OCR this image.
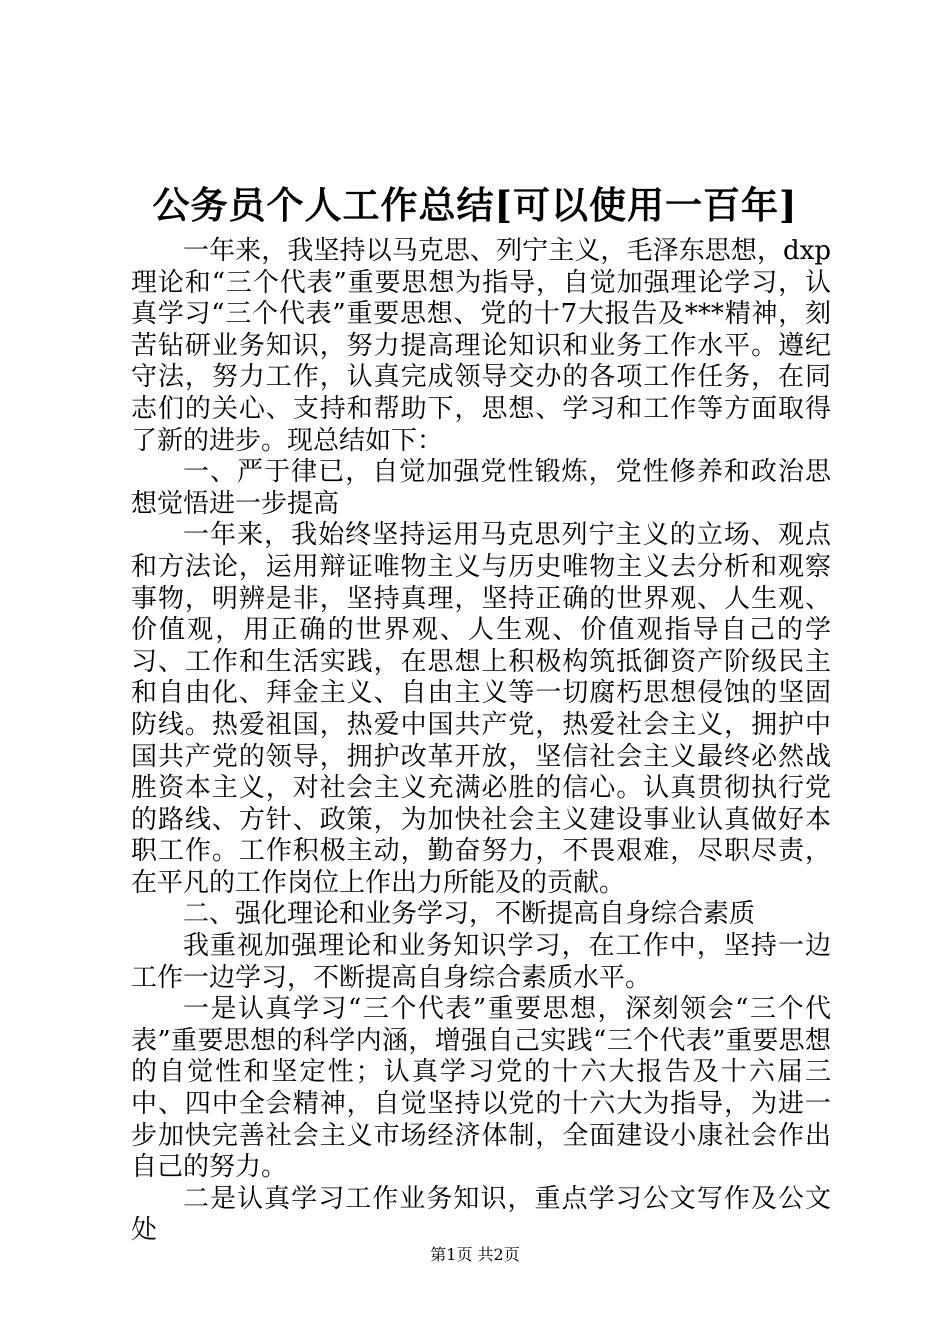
公务员个人工作总结[可以使用一百年]

一年来，我坚持以马克思、列宁主义，毛泽东思想，dxp理论和“三个代表”重要思想为指导，自觉加强理论学习，认真学习“三个代表”重要思想、党的十7大报告及***精神，刻苦钻研业务知识，努力提高理论知识和业务工作水平。遵纪守法，努力工作，认真完成领导交办的各项工作任务，在同志们的关心、支持和帮助下，思想、学习和工作等方面取得了新的进步。现总结如下：

一、严于律已，自觉加强党性锻炼，党性修养和政治思想觉悟进一步提高

一年来，我始终坚持运用马克思列宁主义的立场、观点和方法论，运用辩证唯物主义与历史唯物主义去分析和观察事物，明辨是非，坚持真理，坚持正确的世界观、人生观、价值观，用正确的世界观、人生观、价值观指导自己的学习、工作和生活实践，在思想上积极构筑抵御资产阶级民主和自由化、拜金主义、自由主义等一切腐朽思想侵蚀的坚固防线。热爱祖国，热爱中国共产党，热爱社会主义，拥护中国共产党的领导，拥护改革开放，坚信社会主义最终必然战胜资本主义，对社会主义充满必胜的信心。认真贯彻执行党的路线、方针、政策，为加快社会主义建设事业认真做好本职工作。工作积极主动，勤奋努力，不畏艰难，尽职尽责，在平凡的工作岗位上作出力所能及的贡献。

二、强化理论和业务学习，不断提高自身综合素质

我重视加强理论和业务知识学习，在工作中，坚持一边工作一边学习，不断提高自身综合素质水平。

一是认真学习“三个代表”重要思想，深刻领会“三个代表”重要思想的科学内涵，增强自己实践“三个代表”重要思想的自觉性和坚定性；认真学习党的十六大报告及十六届三中、四中全会精神，自觉坚持以党的十六大为指导，为进一步加快完善社会主义市场经济体制，全面建设小康社会作出自己的努力。

二是认真学习工作业务知识，重点学习公文写作及公文处

第1页 共2页
